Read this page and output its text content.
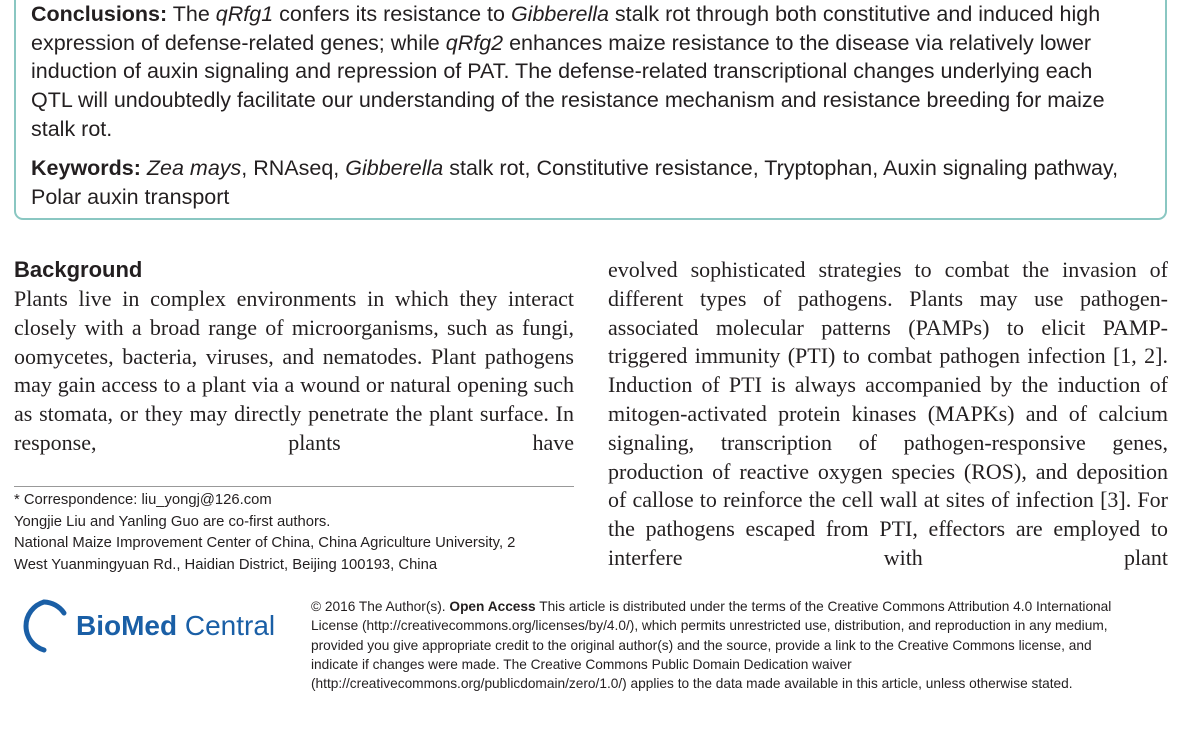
Conclusions: The qRfg1 confers its resistance to Gibberella stalk rot through both constitutive and induced high expression of defense-related genes; while qRfg2 enhances maize resistance to the disease via relatively lower induction of auxin signaling and repression of PAT. The defense-related transcriptional changes underlying each QTL will undoubtedly facilitate our understanding of the resistance mechanism and resistance breeding for maize stalk rot.

Keywords: Zea mays, RNAseq, Gibberella stalk rot, Constitutive resistance, Tryptophan, Auxin signaling pathway, Polar auxin transport

Background

Plants live in complex environments in which they interact closely with a broad range of microorganisms, such as fungi, oomycetes, bacteria, viruses, and nematodes. Plant pathogens may gain access to a plant via a wound or natural opening such as stomata, or they may directly penetrate the plant surface. In response, plants have

evolved sophisticated strategies to combat the invasion of different types of pathogens. Plants may use pathogen-associated molecular patterns (PAMPs) to elicit PAMP-triggered immunity (PTI) to combat pathogen infection [1, 2]. Induction of PTI is always accompanied by the induction of mitogen-activated protein kinases (MAPKs) and of calcium signaling, transcription of pathogen-responsive genes, production of reactive oxygen species (ROS), and deposition of callose to reinforce the cell wall at sites of infection [3]. For the pathogens escaped from PTI, effectors are employed to interfere with plant

* Correspondence: liu_yongj@126.com
Yongjie Liu and Yanling Guo are co-first authors.
National Maize Improvement Center of China, China Agriculture University, 2
West Yuanmingyuan Rd., Haidian District, Beijing 100193, China
BioMed Central
© 2016 The Author(s). Open Access This article is distributed under the terms of the Creative Commons Attribution 4.0 International License (http://creativecommons.org/licenses/by/4.0/), which permits unrestricted use, distribution, and reproduction in any medium, provided you give appropriate credit to the original author(s) and the source, provide a link to the Creative Commons license, and indicate if changes were made. The Creative Commons Public Domain Dedication waiver (http://creativecommons.org/publicdomain/zero/1.0/) applies to the data made available in this article, unless otherwise stated.
